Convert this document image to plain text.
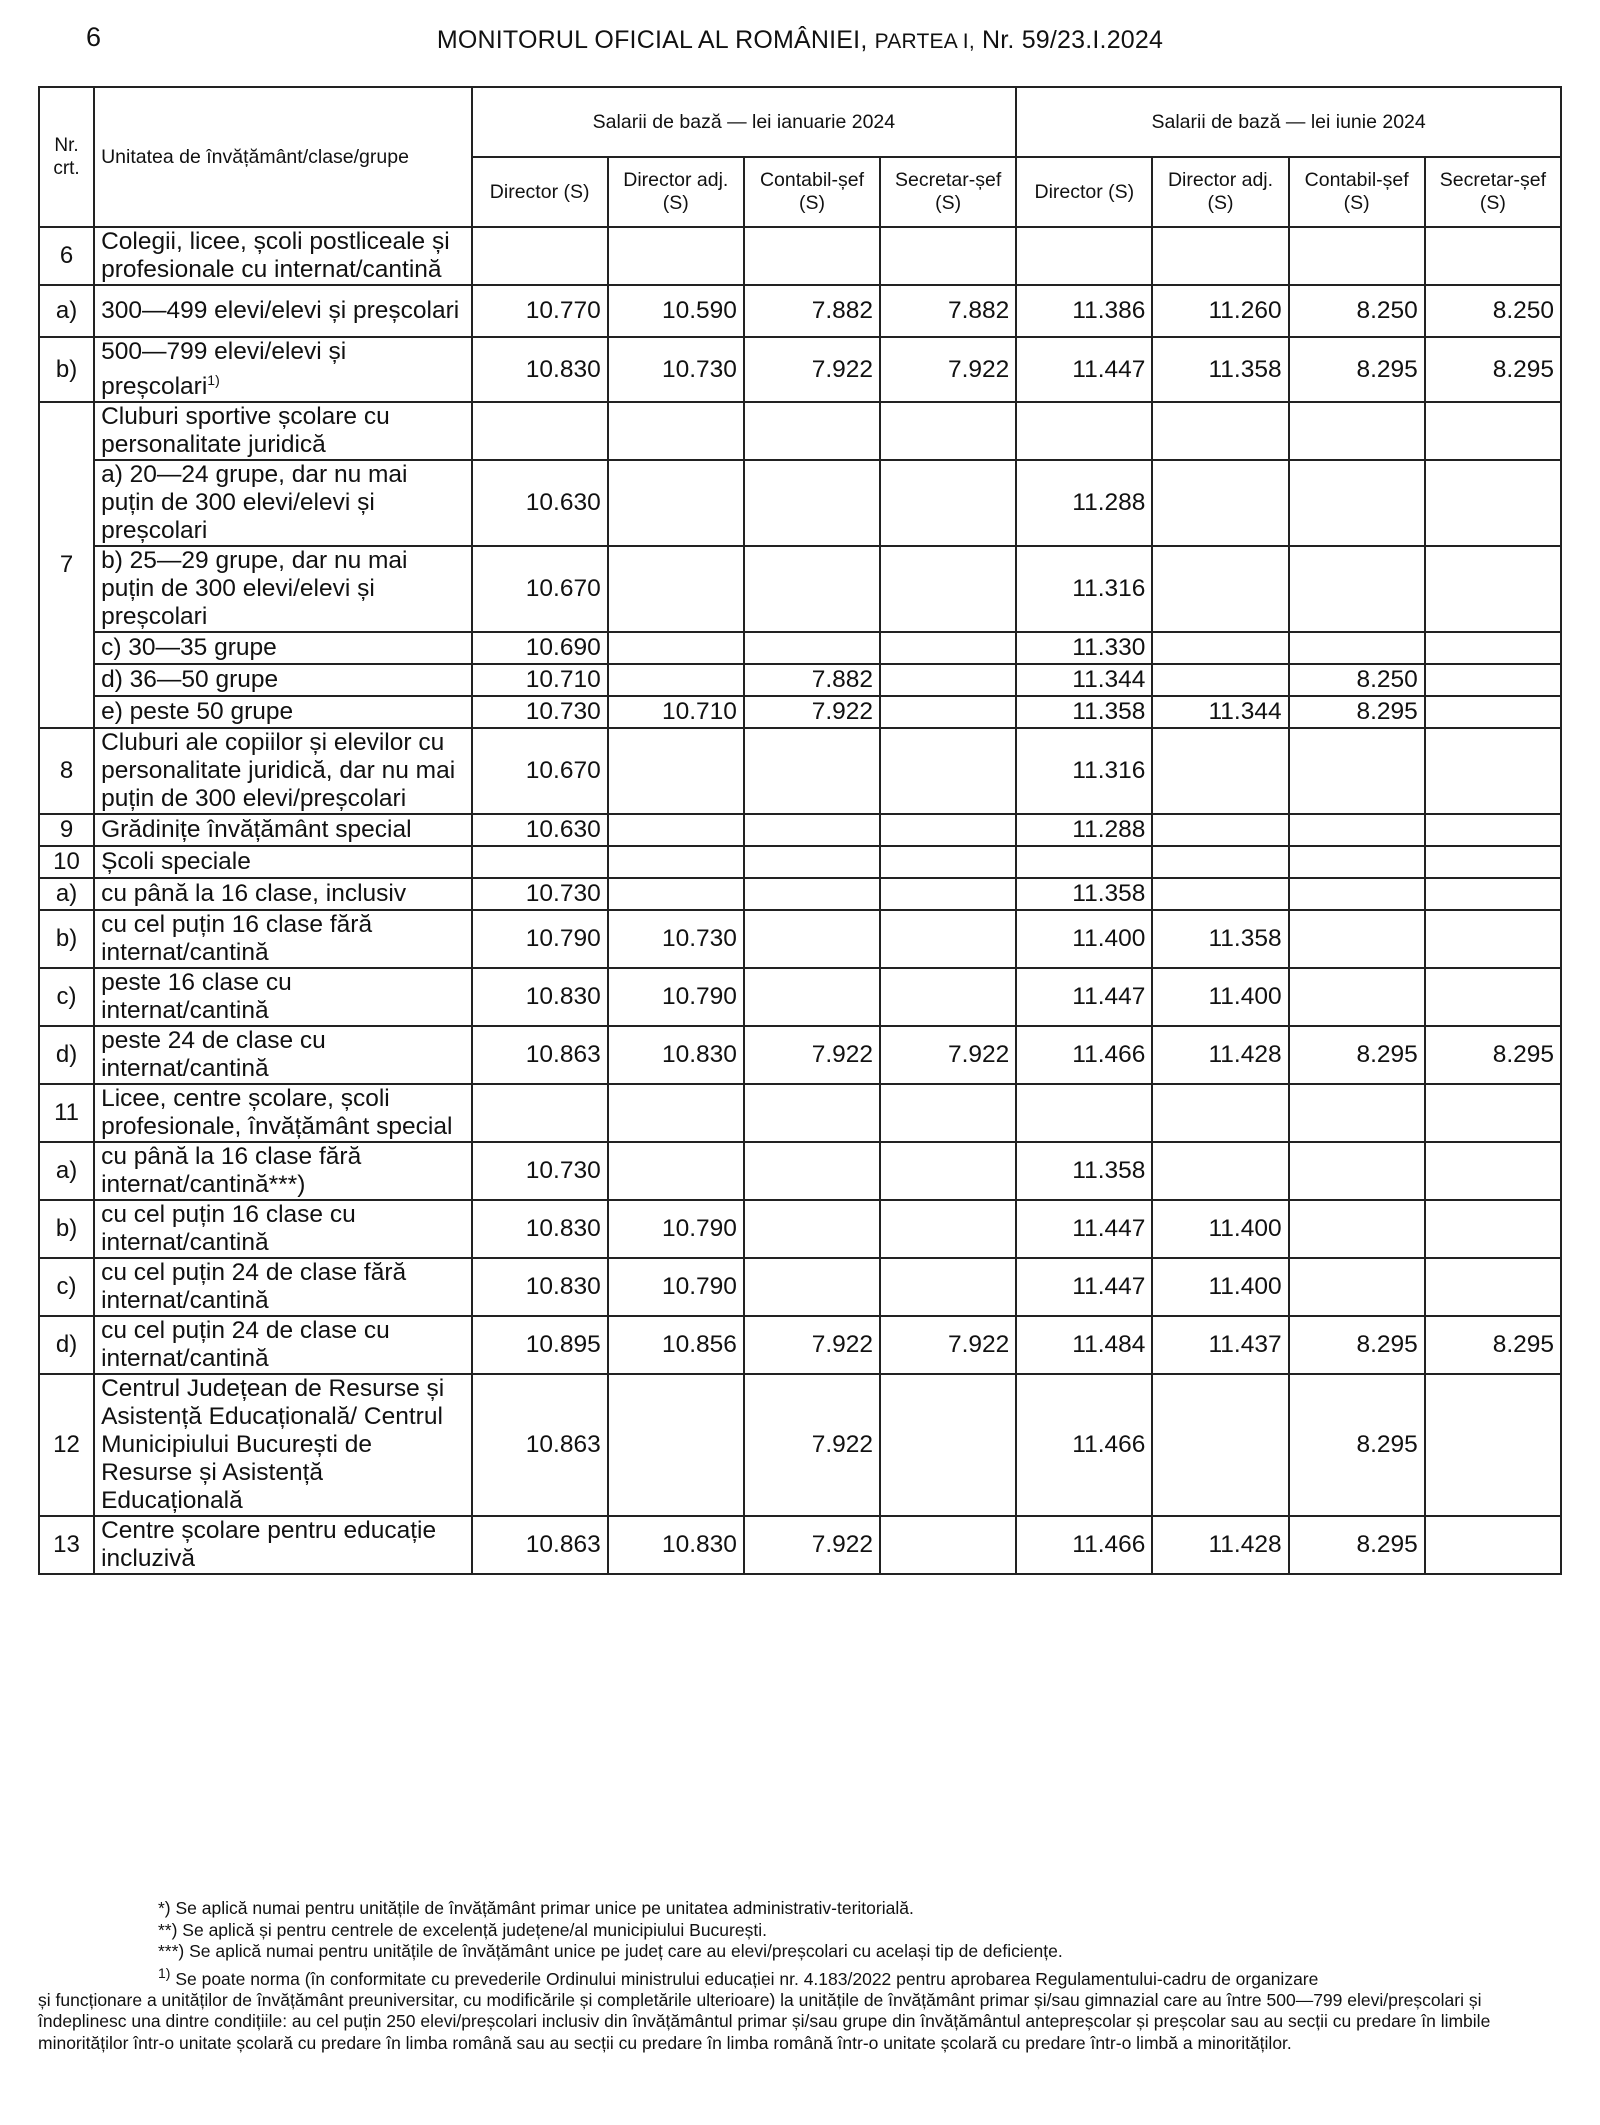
6	MONITORUL OFICIAL AL ROMÂNIEI, PARTEA I, Nr. 59/23.I.2024
Nr. crt.	Unitatea de învățământ/clase/grupe	Salarii de bază — lei ianuarie 2024				Salarii de bază — lei iunie 2024			
		Director (S)	Director adj. (S)	Contabil-șef (S)	Secretar-șef (S)	Director (S)	Director adj. (S)	Contabil-șef (S)	Secretar-șef (S)
6	Colegii, licee, școli postliceale și profesionale cu internat/cantină								
a)	300—499 elevi/elevi și preșcolari	10.770	10.590	7.882	7.882	11.386	11.260	8.250	8.250
b)	500—799 elevi/elevi și preșcolari$^{1)}$	10.830	10.730	7.922	7.922	11.447	11.358	8.295	8.295
7	Cluburi sportive școlare cu personalitate juridică								
	a) 20—24 grupe, dar nu mai puțin de 300 elevi/elevi și preșcolari	10.630				11.288			
	b) 25—29 grupe, dar nu mai puțin de 300 elevi/elevi și preșcolari	10.670				11.316			
	c) 30—35 grupe	10.690				11.330			
	d) 36—50 grupe	10.710		7.882		11.344		8.250	
	e) peste 50 grupe	10.730	10.710	7.922		11.358	11.344	8.295	
8	Cluburi ale copiilor și elevilor cu personalitate juridică, dar nu mai puțin de 300 elevi/preșcolari	10.670				11.316			
9	Grădinițe învățământ special	10.630				11.288			
10	Școli speciale								
a)	cu până la 16 clase, inclusiv	10.730				11.358			
b)	cu cel puțin 16 clase fără internat/cantină	10.790	10.730			11.400	11.358		
c)	peste 16 clase cu internat/cantină	10.830	10.790			11.447	11.400		
d)	peste 24 de clase cu internat/cantină	10.863	10.830	7.922	7.922	11.466	11.428	8.295	8.295
11	Licee, centre școlare, școli profesionale, învățământ special								
a)	cu până la 16 clase fără internat/cantină***)	10.730				11.358			
b)	cu cel puțin 16 clase cu internat/cantină	10.830	10.790			11.447	11.400		
c)	cu cel puțin 24 de clase fără internat/cantină	10.830	10.790			11.447	11.400		
d)	cu cel puțin 24 de clase cu internat/cantină	10.895	10.856	7.922	7.922	11.484	11.437	8.295	8.295
12	Centrul Județean de Resurse și Asistență Educațională/ Centrul Municipiului București de Resurse și Asistență Educațională	10.863		7.922		11.466		8.295	
13	Centre școlare pentru educație incluzivă	10.863	10.830	7.922		11.466	11.428	8.295	
*) Se aplică numai pentru unitățile de învățământ primar unice pe unitatea administrativ-teritorială.
**) Se aplică și pentru centrele de excelență județene/al municipiului București.
***) Se aplică numai pentru unitățile de învățământ unice pe județ care au elevi/preșcolari cu același tip de deficiențe.
$^{1)}$ Se poate norma (în conformitate cu prevederile Ordinului ministrului educației nr. 4.183/2022 pentru aprobarea Regulamentului-cadru de organizare
și funcționare a unităților de învățământ preuniversitar, cu modificările și completările ulterioare) la unitățile de învățământ primar și/sau gimnazial care au între 500—799 elevi/preșcolari și îndeplinesc una dintre condițiile: au cel puțin 250 elevi/preșcolari inclusiv din învățământul primar și/sau grupe din învățământul antepreșcolar și preșcolar sau au secții cu predare în limbile minorităților într-o unitate școlară cu predare în limba română sau au secții cu predare în limba română într-o unitate școlară cu predare într-o limbă a minorităților.
